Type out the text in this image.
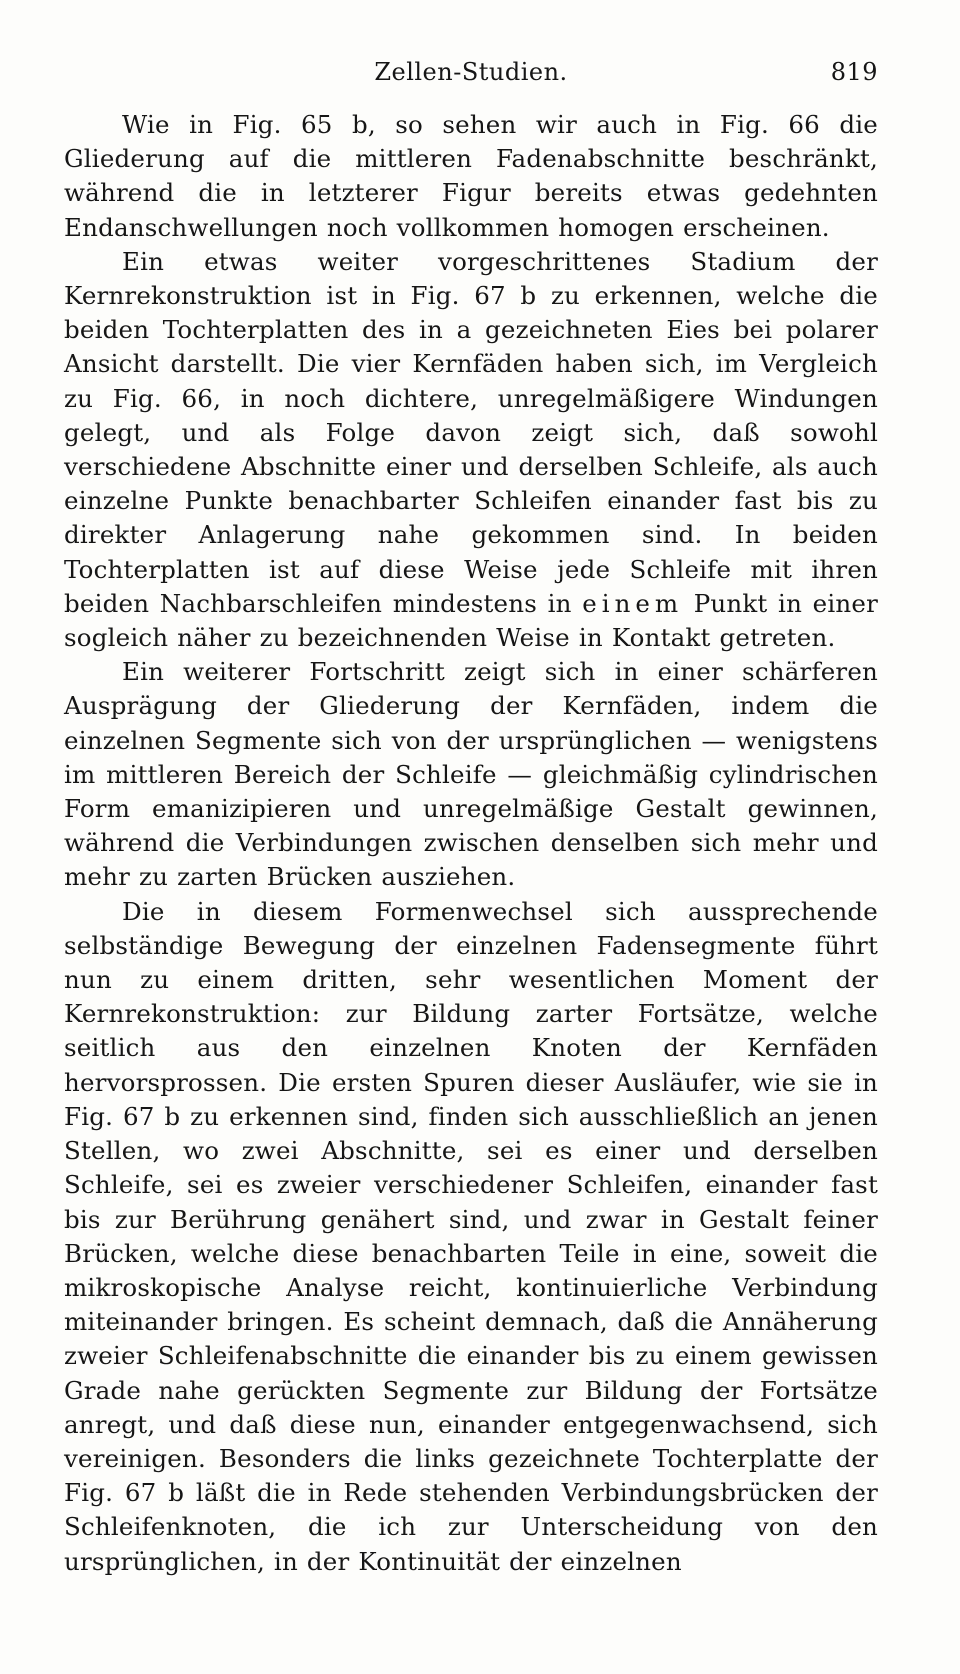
Zellen-Studien.	819

Wie in Fig. 65 b, so sehen wir auch in Fig. 66 die Gliederung auf die mittleren Fadenabschnitte beschränkt, während die in letzterer Figur bereits etwas gedehnten Endanschwellungen noch vollkommen homogen erscheinen.

Ein etwas weiter vorgeschrittenes Stadium der Kernrekonstruktion ist in Fig. 67 b zu erkennen, welche die beiden Tochterplatten des in a gezeichneten Eies bei polarer Ansicht darstellt. Die vier Kernfäden haben sich, im Vergleich zu Fig. 66, in noch dichtere, unregelmäßigere Windungen gelegt, und als Folge davon zeigt sich, daß sowohl verschiedene Abschnitte einer und derselben Schleife, als auch einzelne Punkte benachbarter Schleifen einander fast bis zu direkter Anlagerung nahe gekommen sind. In beiden Tochterplatten ist auf diese Weise jede Schleife mit ihren beiden Nachbarschleifen mindestens in einem Punkt in einer sogleich näher zu bezeichnenden Weise in Kontakt getreten.

Ein weiterer Fortschritt zeigt sich in einer schärferen Ausprägung der Gliederung der Kernfäden, indem die einzelnen Segmente sich von der ursprünglichen — wenigstens im mittleren Bereich der Schleife — gleichmäßig cylindrischen Form emanizipieren und unregelmäßige Gestalt gewinnen, während die Verbindungen zwischen denselben sich mehr und mehr zu zarten Brücken ausziehen.

Die in diesem Formenwechsel sich aussprechende selbständige Bewegung der einzelnen Fadensegmente führt nun zu einem dritten, sehr wesentlichen Moment der Kernrekonstruktion: zur Bildung zarter Fortsätze, welche seitlich aus den einzelnen Knoten der Kernfäden hervorsprossen. Die ersten Spuren dieser Ausläufer, wie sie in Fig. 67 b zu erkennen sind, finden sich ausschließlich an jenen Stellen, wo zwei Abschnitte, sei es einer und derselben Schleife, sei es zweier verschiedener Schleifen, einander fast bis zur Berührung genähert sind, und zwar in Gestalt feiner Brücken, welche diese benachbarten Teile in eine, soweit die mikroskopische Analyse reicht, kontinuierliche Verbindung miteinander bringen. Es scheint demnach, daß die Annäherung zweier Schleifenabschnitte die einander bis zu einem gewissen Grade nahe gerückten Segmente zur Bildung der Fortsätze anregt, und daß diese nun, einander entgegenwachsend, sich vereinigen. Besonders die links gezeichnete Tochterplatte der Fig. 67 b läßt die in Rede stehenden Verbindungsbrücken der Schleifenknoten, die ich zur Unterscheidung von den ursprünglichen, in der Kontinuität der einzelnen
